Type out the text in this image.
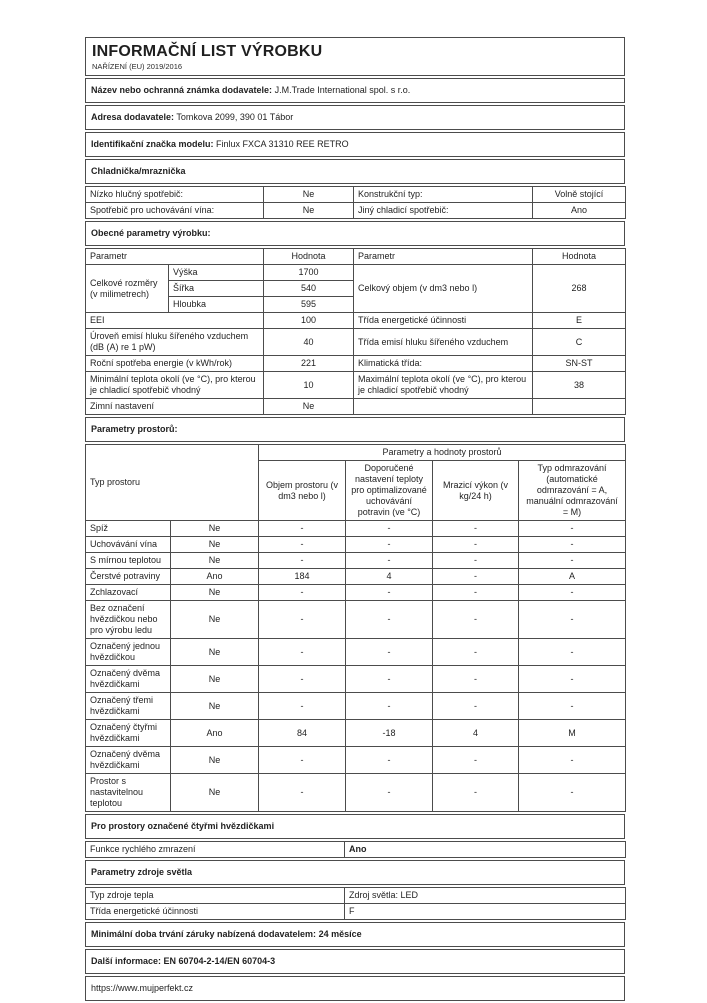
INFORMAČNÍ LIST VÝROBKU
NAŘÍZENÍ (EU) 2019/2016
Název nebo ochranná známka dodavatele: J.M.Trade International spol. s r.o.
Adresa dodavatele: Tomkova 2099, 390 01 Tábor
Identifikační značka modelu: Finlux FXCA 31310 REE RETRO
Chladnička/mraznička
Nízko hlučný spotřebič:	Ne	Konstrukční typ:	Volně stojící
Spotřebič pro uchovávání vína:	Ne	Jiný chladicí spotřebič:	Ano
Obecné parametry výrobku:
Parametr		Hodnota	Parametr	Hodnota
Celkové rozměry (v milimetrech)	Výška	1700	Celkový objem (v dm3 nebo l)	268
	Šířka	540		
	Hloubka	595		
EEI		100	Třída energetické účinnosti	E
Úroveň emisí hluku šířeného vzduchem (dB (A) re 1 pW)		40	Třída emisí hluku šířeného vzduchem	C
Roční spotřeba energie (v kWh/rok)		221	Klimatická třída:	SN-ST
Minimální teplota okolí (ve °C), pro kterou je chladicí spotřebič vhodný		10	Maximální teplota okolí (ve °C), pro kterou je chladicí spotřebič vhodný	38
Zimní nastavení		Ne		
Parametry prostorů:
Typ prostoru		Parametry a hodnoty prostorů			
		Objem prostoru (v dm3 nebo l)	Doporučené nastavení teploty pro optimalizované uchovávání potravin (ve °C)	Mrazicí výkon (v kg/24 h)	Typ odmrazování (automatické odmrazování = A, manuální odmrazování = M)
Spíž	Ne	-	-	-	-
Uchovávání vína	Ne	-	-	-	-
S mírnou teplotou	Ne	-	-	-	-
Čerstvé potraviny	Ano	184	4	-	A
Zchlazovací	Ne	-	-	-	-
Bez označení hvězdičkou nebo pro výrobu ledu	Ne	-	-	-	-
Označený jednou hvězdičkou	Ne	-	-	-	-
Označený dvěma hvězdičkami	Ne	-	-	-	-
Označený třemi hvězdičkami	Ne	-	-	-	-
Označený čtyřmi hvězdičkami	Ano	84	-18	4	M
Označený dvěma hvězdičkami	Ne	-	-	-	-
Prostor s nastavitelnou teplotou	Ne	-	-	-	-
Pro prostory označené čtyřmi hvězdičkami
Funkce rychlého zmrazení	Ano
Parametry zdroje světla
Typ zdroje tepla	Zdroj světla: LED
Třída energetické účinnosti	F
Minimální doba trvání záruky nabízená dodavatelem: 24 měsíce
Další informace: EN 60704-2-14/EN 60704-3
https://www.mujperfekt.cz
